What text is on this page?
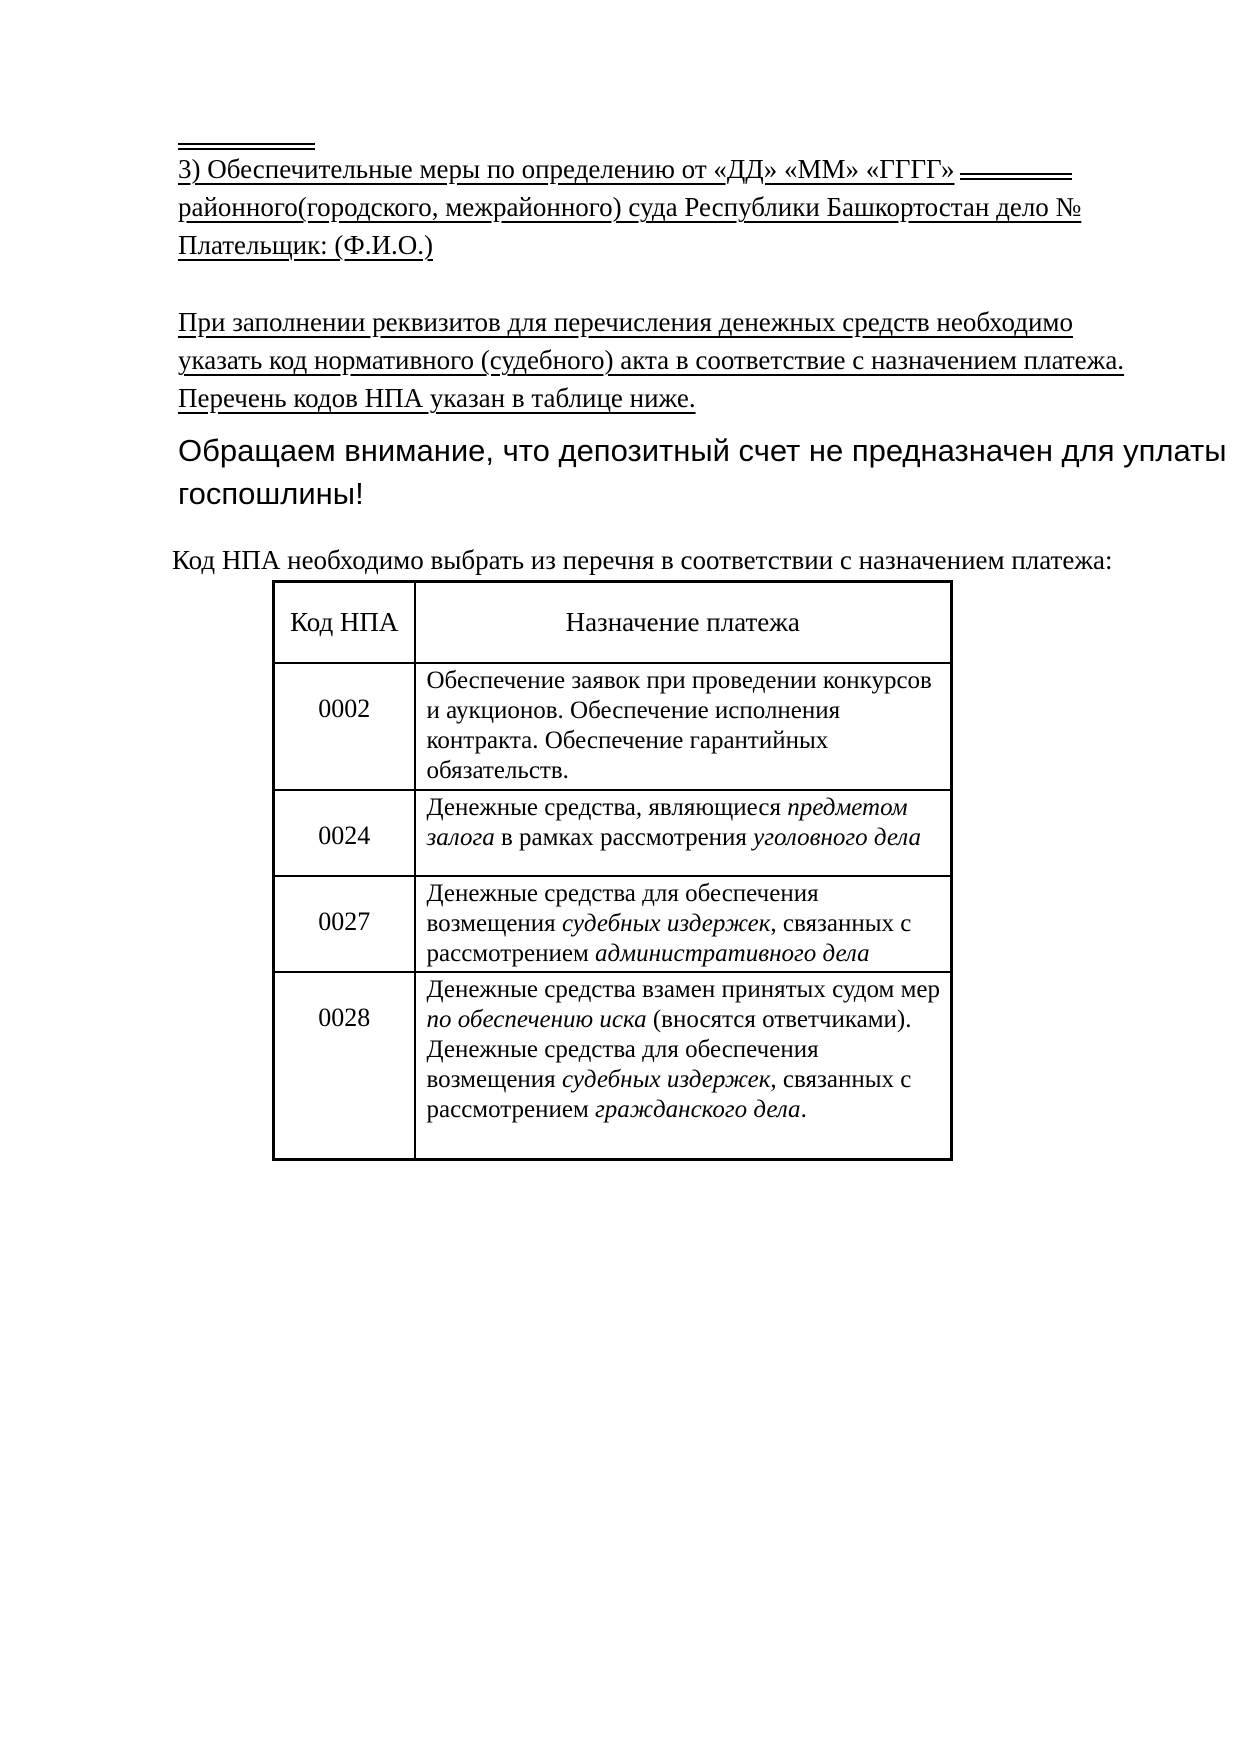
3) Обеспечительные меры по определению от «ДД» «ММ» «ГГГГ»
районного(городского, межрайонного) суда Республики Башкортостан дело №
Плательщик: (Ф.И.О.)
При заполнении реквизитов для перечисления денежных средств необходимо
указать код нормативного (судебного) акта в соответствие с назначением платежа.
Перечень кодов НПА указан в таблице ниже.
Обращаем внимание, что депозитный счет не предназначен для уплаты
госпошлины!
Код НПА необходимо выбрать из перечня в соответствии с назначением платежа:
Код НПА	Назначение платежа
0002	Обеспечение заявок при проведении конкурсов и аукционов. Обеспечение исполнения контракта. Обеспечение гарантийных обязательств.
0024	Денежные средства, являющиеся предметом залога в рамках рассмотрения уголовного дела
0027	Денежные средства для обеспечения возмещения судебных издержек, связанных с рассмотрением административного дела
0028	Денежные средства взамен принятых судом мер по обеспечению иска (вносятся ответчиками). Денежные средства для обеспечения возмещения судебных издержек, связанных с рассмотрением гражданского дела.
